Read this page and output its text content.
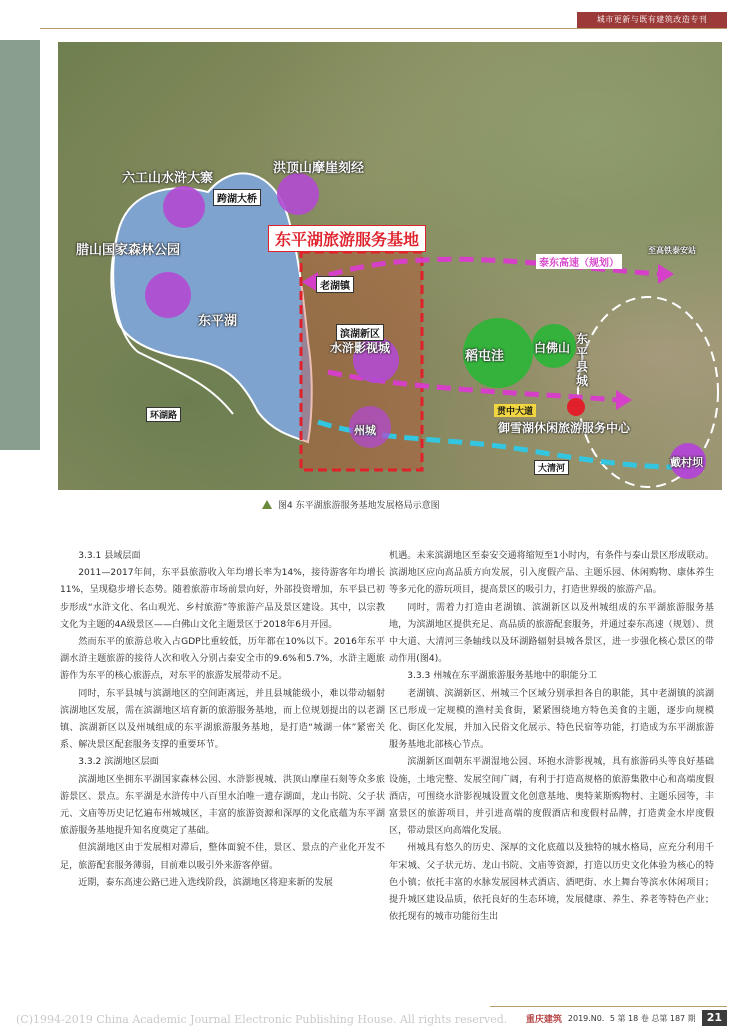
城市更新与既有建筑改造专刊
六工山水浒大寨
洪顶山摩崖刻经
跨湖大桥
腊山国家森林公园
东平湖旅游服务基地
东平湖
老湖镇
滨湖新区
水浒影视城
稻屯洼
白佛山
东平县城
泰东高速（规划）
至高铁泰安站
贯中大道
御雪湖休闲旅游服务中心
州城
环湖路
大清河	戴村坝
图4 东平湖旅游服务基地发展格局示意图
3.3.1 县域层面

2011—2017年间，东平县旅游收入年均增长率为14%，接待游客年均增长11%，呈现稳步增长态势。随着旅游市场前景向好，外部投资增加，东平县已初步形成“水浒文化、名山观光、乡村旅游”等旅游产品及景区建设。其中，以宗教文化为主题的4A级景区——白佛山文化主题景区于2018年6月开园。

然而东平的旅游总收入占GDP比重较低，历年都在10%以下。2016年东平湖水浒主题旅游的接待人次和收入分别占泰安全市的9.6%和5.7%，水浒主题旅游作为东平的核心旅游点，对东平的旅游发展带动不足。

同时，东平县城与滨湖地区的空间距离远，并且县城能级小，难以带动辐射滨湖地区发展，需在滨湖地区培育新的旅游服务基地，而上位规划提出的以老湖镇、滨湖新区以及州城组成的东平湖旅游服务基地，是打造“城湖一体”紧密关系、解决景区配套服务支撑的重要环节。

3.3.2 滨湖地区层面

滨湖地区坐拥东平湖国家森林公园、水浒影视城、洪顶山摩崖石刻等众多旅游景区、景点。东平湖是水浒传中八百里水泊唯一遗存湖面，龙山书院、父子状元、文庙等历史记忆遍布州城城区，丰富的旅游资源和深厚的文化底蕴为东平湖旅游服务基地提升知名度奠定了基础。

但滨湖地区由于发展相对滞后，整体面貌不佳，景区、景点的产业化开发不足，旅游配套服务薄弱，目前难以吸引外来游客停留。

近期，泰东高速公路已进入选线阶段，滨湖地区将迎来新的发展

机遇。未来滨湖地区至泰安交通将缩短至1小时内，有条件与泰山景区形成联动。滨湖地区应向高品质方向发展，引入度假产品、主题乐园、休闲购物、康体养生等多元化的游玩项目，提高景区的吸引力，打造世界级的旅游产品。

同时，需着力打造由老湖镇、滨湖新区以及州城组成的东平湖旅游服务基地，为滨湖地区提供充足、高品质的旅游配套服务，并通过泰东高速（规划）、贯中大道、大清河三条轴线以及环湖路辐射县城各景区，进一步强化核心景区的带动作用(图4)。

3.3.3 州城在东平湖旅游服务基地中的职能分工

老湖镇、滨湖新区、州城三个区域分别承担各自的职能，其中老湖镇的滨湖区已形成一定规模的渔村美食街，紧紧围绕地方特色美食的主题，逐步向规模化、街区化发展，并加入民俗文化展示、特色民宿等功能，打造成为东平湖旅游服务基地北部核心节点。

滨湖新区面朝东平湖湿地公园、环抱水浒影视城，具有旅游码头等良好基础设施，土地完整、发展空间广阔，有利于打造高规格的旅游集散中心和高端度假酒店，可围绕水浒影视城设置文化创意基地、奥特莱斯购物村、主题乐园等，丰富景区的旅游项目，并引进高端的度假酒店和度假村品牌，打造黄金水岸度假区，带动景区向高端化发展。

州城具有悠久的历史、深厚的文化底蕴以及独特的城水格局，应充分利用千年宋城、父子状元坊、龙山书院、文庙等资源，打造以历史文化体验为核心的特色小镇；依托丰富的水脉发展园林式酒店、酒吧街、水上舞台等滨水休闲项目；提升城区建设品质，依托良好的生态环境，发展健康、养生、养老等特色产业；依托现有的城市功能衍生出

(C)1994-2019 China Academic Journal Electronic Publishing House. All rights reserved. 重庆建筑 2019.N0．5 第 18 卷 总第 187 期	21
